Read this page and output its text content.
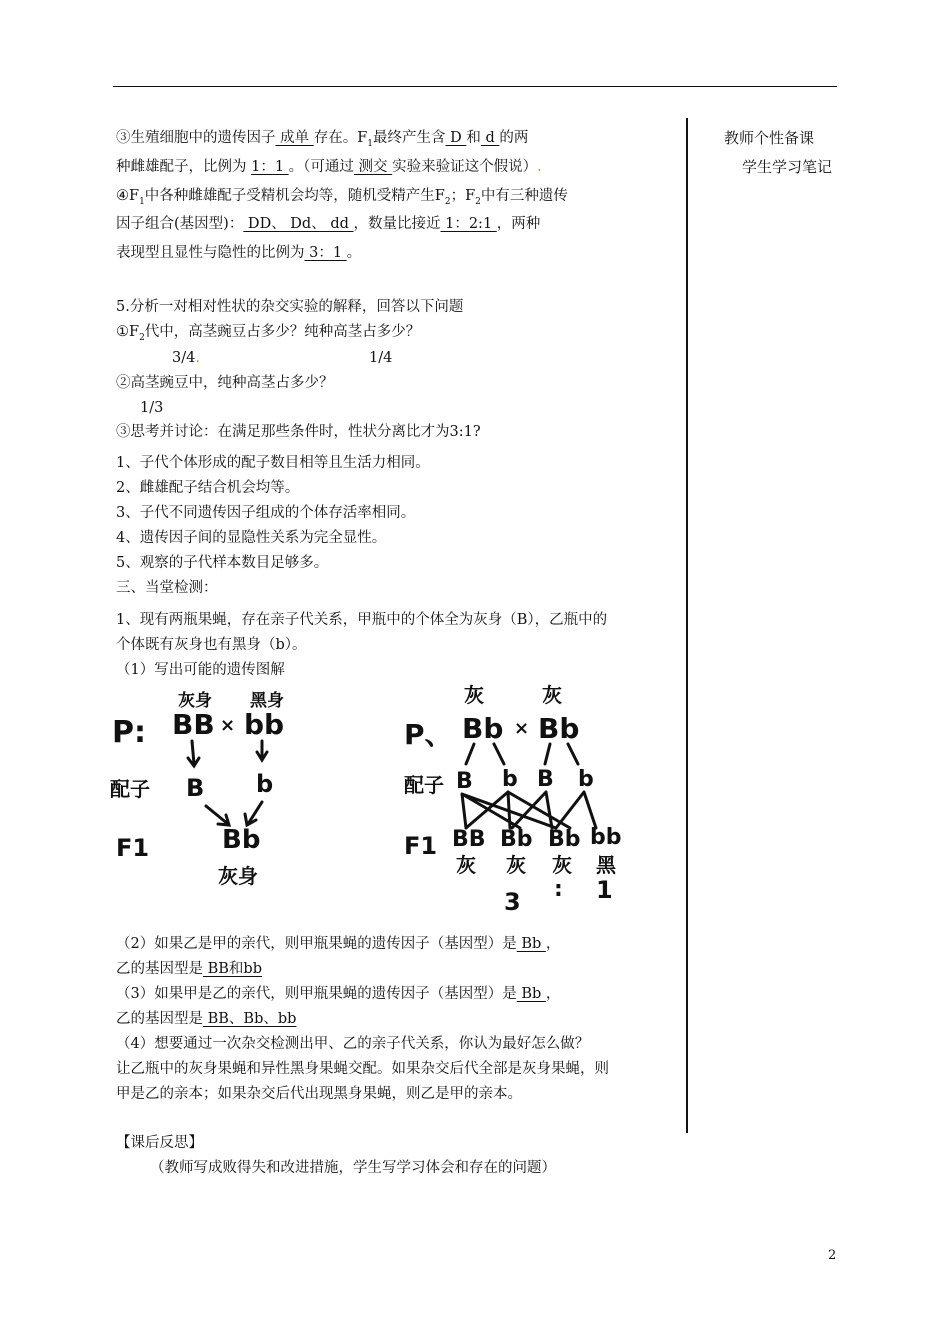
教师个性备课
学生学习笔记
③生殖细胞中的遗传因子 成单 存在。$F_1$最终产生含 D 和 d 的两
种雌雄配子，比例为 1：1 。（可通过 测交 实验来验证这个假说）.
$④F_1$中各种雌雄配子受精机会均等，随机受精产生$F_2$；$F_2$中有三种遗传
因子组合(基因型)： DD、 Dd、 dd ，数量比接近 1：2:1 ，两种
表现型且显性与隐性的比例为 3：1 。
5.分析一对相对性状的杂交实验的解释，回答以下问题
$①F_2$代中，高茎豌豆占多少？纯种高茎占多少？
3/4.	1/4
②高茎豌豆中，纯种高茎占多少？
1/3
③思考并讨论：在满足那些条件时，性状分离比才为3:1?
1、子代个体形成的配子数目相等且生活力相同。
2、雌雄配子结合机会均等。
3、子代不同遗传因子组成的个体存活率相同。
4、遗传因子间的显隐性关系为完全显性。
5、观察的子代样本数目足够多。
三、当堂检测：
1、现有两瓶果蝇，存在亲子代关系，甲瓶中的个体全为灰身（B），乙瓶中的
个体既有灰身也有黑身（b）。
（1）写出可能的遗传图解
灰身 黑身
P: BB × bb
配子 B b
F1	Bb
灰身
灰	灰
P、 Bb × Bb
配子 B b B b
F1 BB Bb Bb bb
灰 灰 灰 黑
3 : 1
（2）如果乙是甲的亲代，则甲瓶果蝇的遗传因子（基因型）是 Bb ，
乙的基因型是 BB和bb
（3）如果甲是乙的亲代，则甲瓶果蝇的遗传因子（基因型）是 Bb ，
乙的基因型是 BB、Bb、bb
（4）想要通过一次杂交检测出甲、乙的亲子代关系，你认为最好怎么做？
让乙瓶中的灰身果蝇和异性黑身果蝇交配。如果杂交后代全部是灰身果蝇，则
甲是乙的亲本；如果杂交后代出现黑身果蝇，则乙是甲的亲本。
【课后反思】
（教师写成败得失和改进措施，学生写学习体会和存在的问题）
2
